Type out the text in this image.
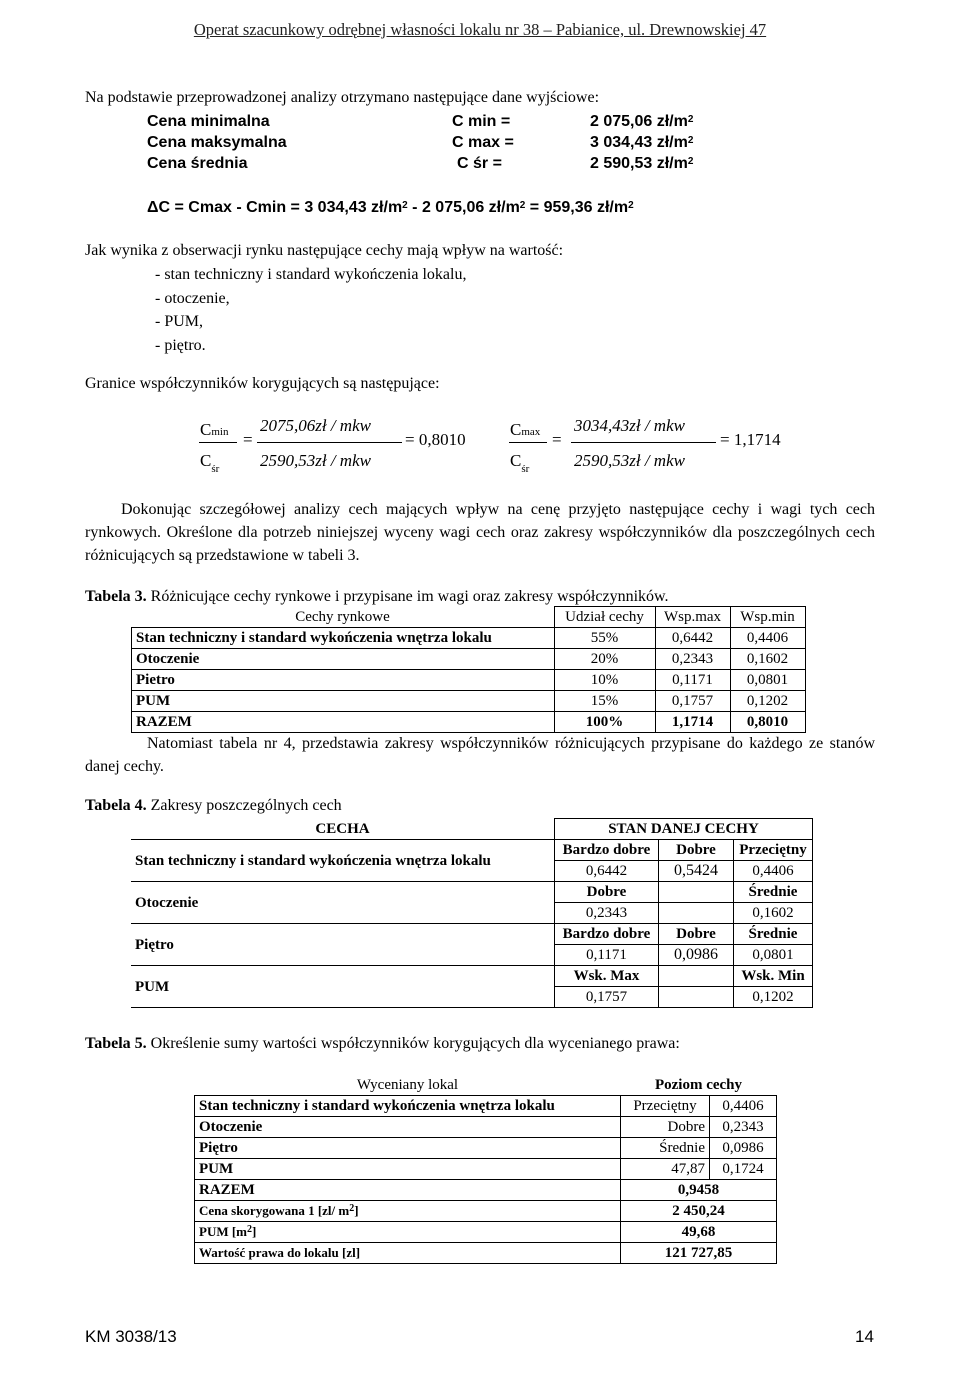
Operat szacunkowy odrębnej własności lokalu nr 38 – Pabianice, ul. Drewnowskiej 47
Na podstawie przeprowadzonej analizy otrzymano następujące dane wyjściowe:
Cena minimalna	C min =	2 075,06 $zł/m^2$
Cena maksymalna	C max =	3 034,43 $zł/m^2$
Cena średnia	C śr =	2 590,53 $zł/m^2$
ΔC = Cmax - Cmin = 3 034,43 $zł/m^2 - 2$ 075,06 $zł/m^2 = 959,36$ $zł/m^2$
Jak wynika z obserwacji rynku następujące cechy mają wpływ na wartość:
- stan techniczny i standard wykończenia lokalu,
- otoczenie,
- PUM,
- piętro.
Granice współczynników korygujących są następujące:
Cmin
$C_{śr}$
=
2075,06zł / mkw
2590,53zł / mkw
= 0,8010
Cmax
$C_{śr}$
=
3034,43zł / mkw
2590,53zł / mkw
= 1,1714
Dokonując szczegółowej analizy cech mających wpływ na cenę przyjęto następujące cechy i wagi tych cech rynkowych. Określone dla potrzeb niniejszej wyceny wagi cech oraz zakresy współczynników dla poszczególnych cech różnicujących są przedstawione w tabeli 3.
Tabela 3. Różnicujące cechy rynkowe i przypisane im wagi oraz zakresy współczynników.
Cechy rynkowe	Udział cechy	Wsp.max	Wsp.min
Stan techniczny i standard wykończenia wnętrza lokalu	55%	0,6442	0,4406
Otoczenie	20%	0,2343	0,1602
Pietro	10%	0,1171	0,0801
PUM	15%	0,1757	0,1202
RAZEM	100%	1,1714	0,8010
Natomiast tabela nr 4, przedstawia zakresy współczynników różnicujących przypisane do każdego ze stanów danej cechy.
Tabela 4. Zakresy poszczególnych cech
CECHA	STAN DANEJ CECHY		
Stan techniczny i standard wykończenia wnętrza lokalu	Bardzo dobre	Dobre	Przeciętny
	0,6442	0,5424	0,4406
Otoczenie	Dobre		Średnie
	0,2343		0,1602
Piętro	Bardzo dobre	Dobre	Średnie
	0,1171	0,0986	0,0801
PUM	Wsk. Max		Wsk. Min
	0,1757		0,1202
Tabela 5. Określenie sumy wartości współczynników korygujących dla wycenianego prawa:
Wyceniany lokal	Poziom cechy	
Stan techniczny i standard wykończenia wnętrza lokalu	Przeciętny	0,4406
Otoczenie	Dobre	0,2343
Piętro	Średnie	0,0986
PUM	47,87	0,1724
RAZEM	0,9458	
Cena skorygowana 1 [zl/ $m^2$]	2 450,24	
PUM $[m^2]$	49,68	
Wartość prawa do lokalu [zl]	121 727,85	
KM 3038/13	14
